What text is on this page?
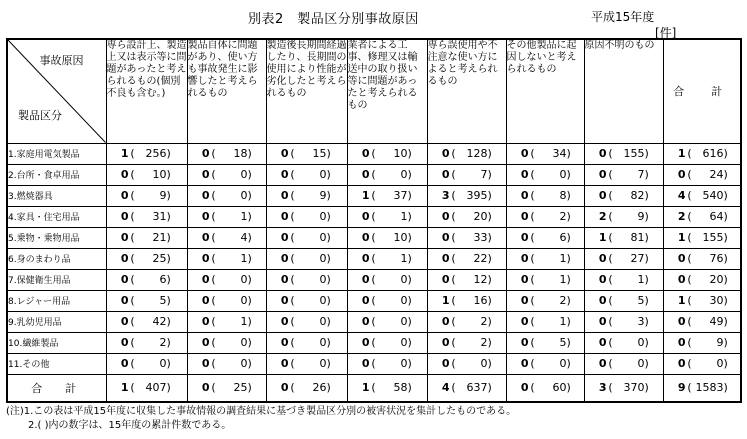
別表2　製品区分別事故原因	平成15年度
[件]
事故原因
製品区分	専ら設計上、製造上又は表示等に問題があったと考えられるもの(個別不良も含む。)	製品自体に問題があり、使い方も事故発生に影響したと考えられるもの	製造後長期間経過したり、長期間の使用により性能が劣化したと考えられるもの	業者による工事、修理又は輸送中の取り扱い等に問題があったと考えられるもの	専ら誤使用や不注意な使い方によると考えられるもの	その他製品に起因しないと考えられるもの	原因不明のもの	合　計
1.家庭用電気製品	1 ( 256)	0 ( 18)	0 ( 15)	0 ( 10)	0 ( 128)	0 ( 34)	0 ( 155)	1 ( 616)
2.台所・食卓用品	0 ( 10)	0 ( 0)	0 ( 0)	0 ( 0)	0 ( 7)	0 ( 0)	0 ( 7)	0 ( 24)
3.燃焼器具	0 ( 9)	0 ( 0)	0 ( 9)	1 ( 37)	3 ( 395)	0 ( 8)	0 ( 82)	4 ( 540)
4.家具・住宅用品	0 ( 31)	0 ( 1)	0 ( 0)	0 ( 1)	0 ( 20)	0 ( 2)	2 ( 9)	2 ( 64)
5.乗物・乗物用品	0 ( 21)	0 ( 4)	0 ( 0)	0 ( 10)	0 ( 33)	0 ( 6)	1 ( 81)	1 ( 155)
6.身のまわり品	0 ( 25)	0 ( 1)	0 ( 0)	0 ( 1)	0 ( 22)	0 ( 1)	0 ( 27)	0 ( 76)
7.保健衛生用品	0 ( 6)	0 ( 0)	0 ( 0)	0 ( 0)	0 ( 12)	0 ( 1)	0 ( 1)	0 ( 20)
8.レジャー用品	0 ( 5)	0 ( 0)	0 ( 0)	0 ( 0)	1 ( 16)	0 ( 2)	0 ( 5)	1 ( 30)
9.乳幼児用品	0 ( 42)	0 ( 1)	0 ( 0)	0 ( 0)	0 ( 2)	0 ( 1)	0 ( 3)	0 ( 49)
10.繊維製品	0 ( 2)	0 ( 0)	0 ( 0)	0 ( 0)	0 ( 2)	0 ( 5)	0 ( 0)	0 ( 9)
11.その他	0 ( 0)	0 ( 0)	0 ( 0)	0 ( 0)	0 ( 0)	0 ( 0)	0 ( 0)	0 ( 0)
合　計	1 ( 407)	0 ( 25)	0 ( 26)	1 ( 58)	4 ( 637)	0 ( 60)	3 ( 370)	9 ( 1583)
(注)1.この表は平成15年度に収集した事故情報の調査結果に基づき製品区分別の被害状況を集計したものである。
2.( )内の数字は、15年度の累計件数である。
